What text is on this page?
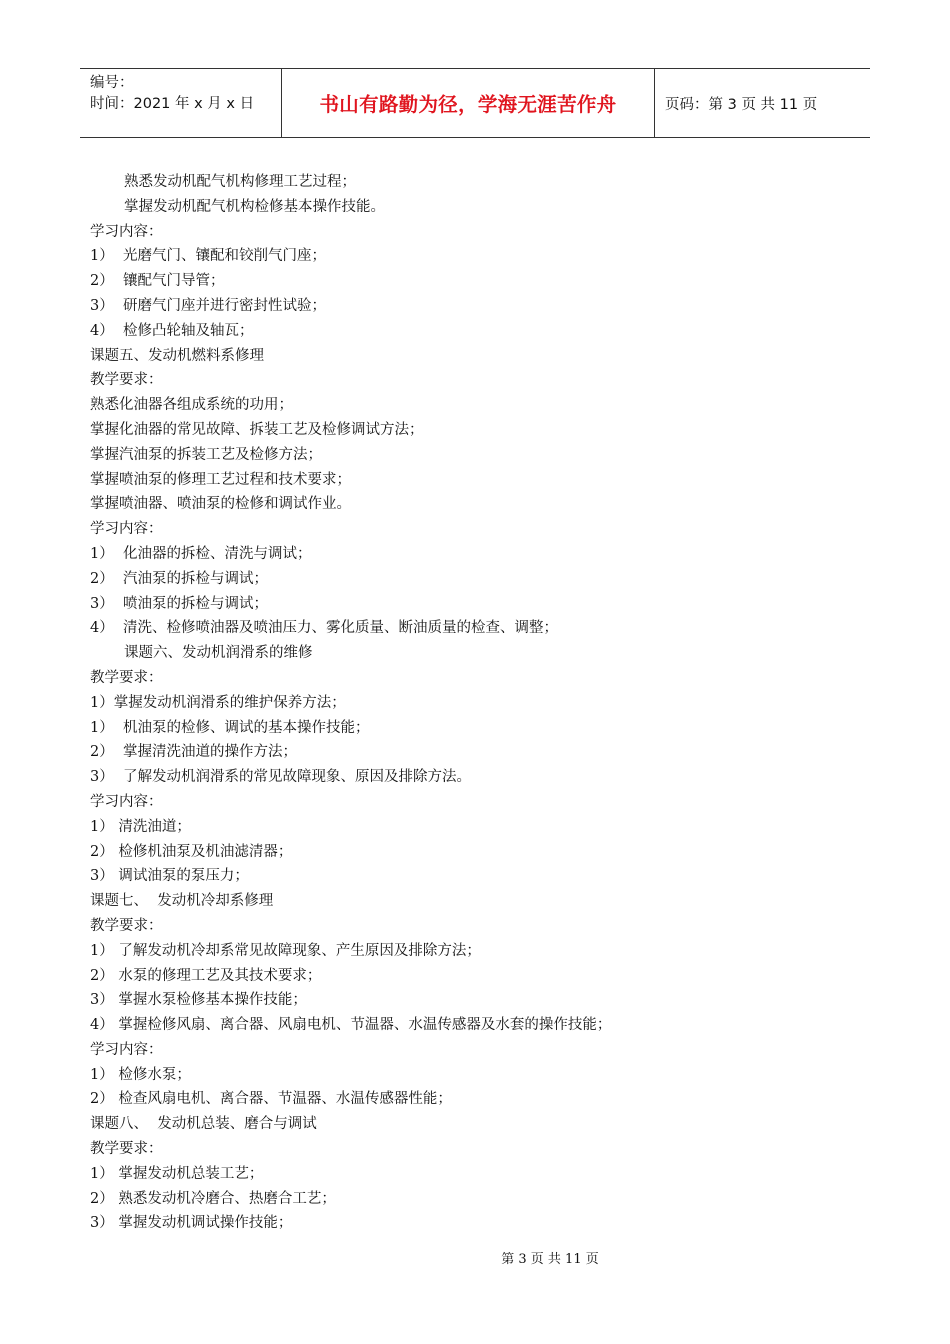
编号：
时间：2021 年 x 月 x 日	书山有路勤为径，学海无涯苦作舟	页码：第 3 页 共 11 页
熟悉发动机配气机构修理工艺过程；
掌握发动机配气机构检修基本操作技能。
学习内容：
1）  光磨气门、镶配和铰削气门座；
2）  镶配气门导管；
3）  研磨气门座并进行密封性试验；
4）  检修凸轮轴及轴瓦；
课题五、发动机燃料系修理
教学要求：
熟悉化油器各组成系统的功用；
掌握化油器的常见故障、拆装工艺及检修调试方法；
掌握汽油泵的拆装工艺及检修方法；
掌握喷油泵的修理工艺过程和技术要求；
掌握喷油器、喷油泵的检修和调试作业。
学习内容：
1）  化油器的拆检、清洗与调试；
2）  汽油泵的拆检与调试；
3）  喷油泵的拆检与调试；
4）  清洗、检修喷油器及喷油压力、雾化质量、断油质量的检查、调整；
课题六、发动机润滑系的维修
教学要求：
1）掌握发动机润滑系的维护保养方法；
1）  机油泵的检修、调试的基本操作技能；
2）  掌握清洗油道的操作方法；
3）  了解发动机润滑系的常见故障现象、原因及排除方法。
学习内容：
1） 清洗油道；
2） 检修机油泵及机油滤清器；
3） 调试油泵的泵压力；
课题七、  发动机冷却系修理
教学要求：
1） 了解发动机冷却系常见故障现象、产生原因及排除方法；
2） 水泵的修理工艺及其技术要求；
3） 掌握水泵检修基本操作技能；
4） 掌握检修风扇、离合器、风扇电机、节温器、水温传感器及水套的操作技能；
学习内容：
1） 检修水泵；
2） 检查风扇电机、离合器、节温器、水温传感器性能；
课题八、  发动机总装、磨合与调试
教学要求：
1） 掌握发动机总装工艺；
2） 熟悉发动机冷磨合、热磨合工艺；
3） 掌握发动机调试操作技能；
第 3 页 共 11 页
